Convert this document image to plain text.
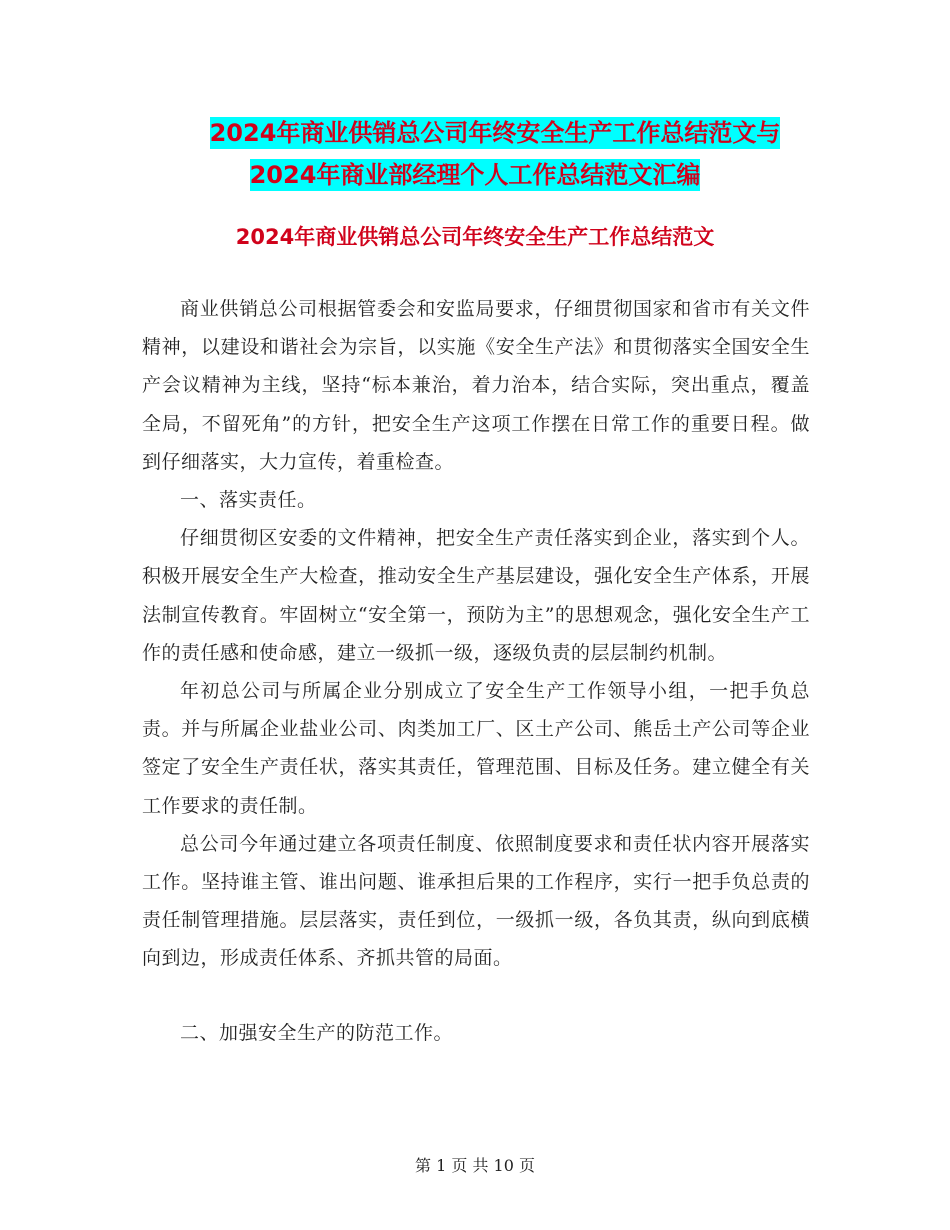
2024年商业供销总公司年终安全生产工作总结范文与
2024年商业部经理个人工作总结范文汇编
2024年商业供销总公司年终安全生产工作总结范文

商业供销总公司根据管委会和安监局要求，仔细贯彻国家和省市有关文件精神，以建设和谐社会为宗旨，以实施《安全生产法》和贯彻落实全国安全生产会议精神为主线，坚持“标本兼治，着力治本，结合实际，突出重点，覆盖全局，不留死角”的方针，把安全生产这项工作摆在日常工作的重要日程。做到仔细落实，大力宣传，着重检查。

一、落实责任。

仔细贯彻区安委的文件精神，把安全生产责任落实到企业，落实到个人。积极开展安全生产大检查，推动安全生产基层建设，强化安全生产体系，开展法制宣传教育。牢固树立“安全第一，预防为主”的思想观念，强化安全生产工作的责任感和使命感，建立一级抓一级，逐级负责的层层制约机制。

年初总公司与所属企业分别成立了安全生产工作领导小组，一把手负总责。并与所属企业盐业公司、肉类加工厂、区土产公司、熊岳土产公司等企业签定了安全生产责任状，落实其责任，管理范围、目标及任务。建立健全有关工作要求的责任制。

总公司今年通过建立各项责任制度、依照制度要求和责任状内容开展落实工作。坚持谁主管、谁出问题、谁承担后果的工作程序，实行一把手负总责的责任制管理措施。层层落实，责任到位，一级抓一级，各负其责，纵向到底横向到边，形成责任体系、齐抓共管的局面。

二、加强安全生产的防范工作。

第 1 页 共 10 页
